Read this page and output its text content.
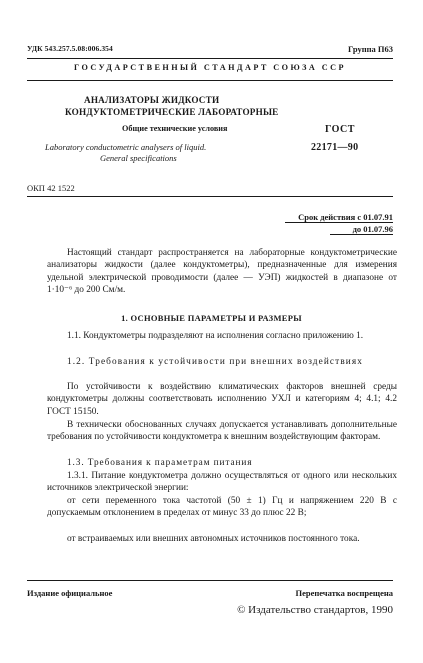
УДК 543.257.5.08:006.354	Группа П63
ГОСУДАРСТВЕННЫЙ СТАНДАРТ СОЮЗА ССР
АНАЛИЗАТОРЫ ЖИДКОСТИ
КОНДУКТОМЕТРИЧЕСКИЕ ЛАБОРАТОРНЫЕ
Общие технические условия
Laboratory conductometric analysers of liquid.
General specifications
ГОСТ
22171—90
ОКП 42 1522
Срок действия с 01.07.91
до 01.07.96
Настоящий стандарт распространяется на лабораторные кондуктометрические анализаторы жидкости (далее кондуктометры), предназначенные для измерения удельной электрической проводимости (далее — УЭП) жидкостей в диапазоне от 1·10⁻⁶ до 200 См/м.
1. ОСНОВНЫЕ ПАРАМЕТРЫ И РАЗМЕРЫ
1.1. Кондуктометры подразделяют на исполнения согласно приложению 1.
1.2. Требования к устойчивости при внешних воздействиях
По устойчивости к воздействию климатических факторов внешней среды кондуктометры должны соответствовать исполнению УХЛ и категориям 4; 4.1; 4.2 ГОСТ 15150.
В технически обоснованных случаях допускается устанавливать дополнительные требования по устойчивости кондуктометра к внешним воздействующим факторам.
1.3. Требования к параметрам питания
1.3.1. Питание кондуктометра должно осуществляться от одного или нескольких источников электрической энергии:
от сети переменного тока частотой (50 ± 1) Гц и напряжением 220 В с допускаемым отклонением в пределах от минус 33 до плюс 22 В;
от встраиваемых или внешних автономных источников постоянного тока.
Издание официальное	Перепечатка воспрещена
© Издательство стандартов, 1990
